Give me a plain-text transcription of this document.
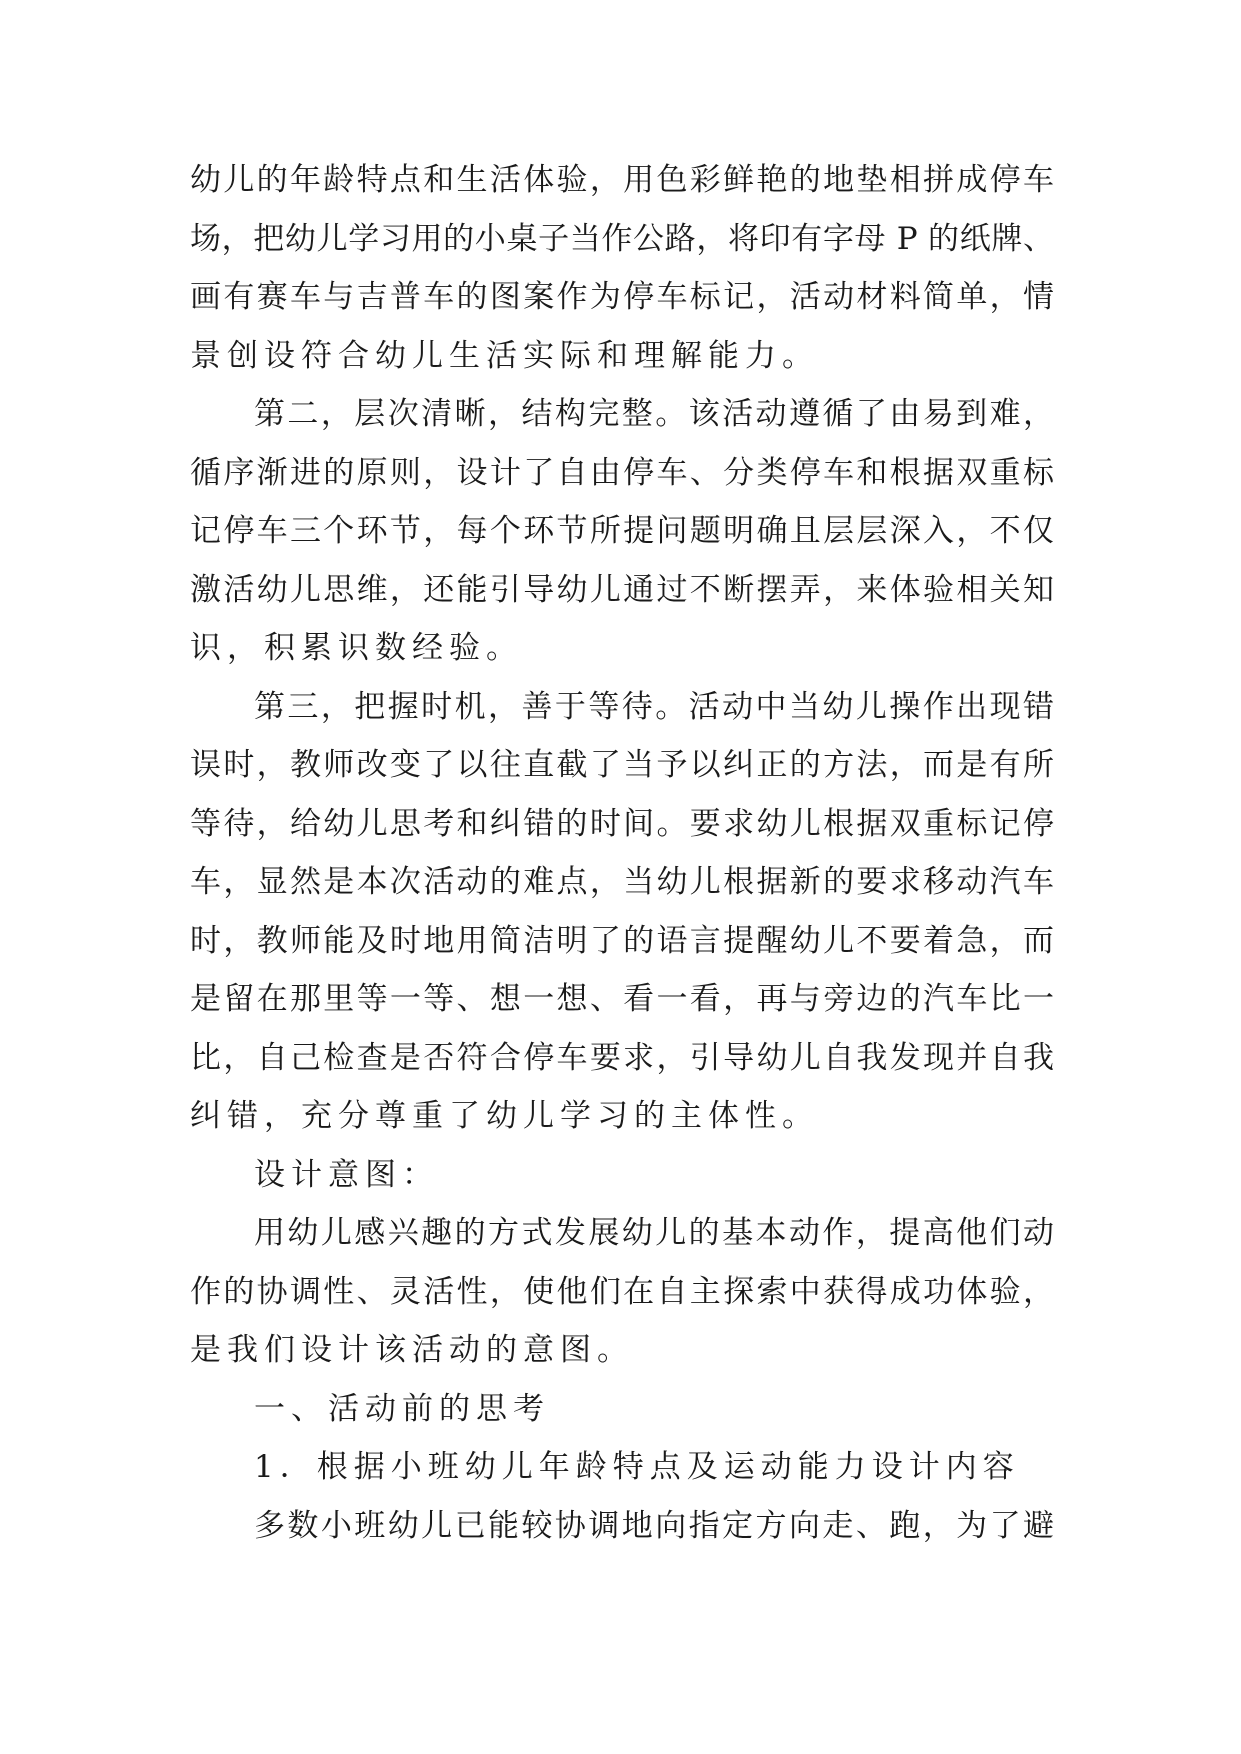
幼儿的年龄特点和生活体验，用色彩鲜艳的地垫相拼成停车
场，把幼儿学习用的小桌子当作公路，将印有字母 P 的纸牌、
画有赛车与吉普车的图案作为停车标记，活动材料简单，情
景创设符合幼儿生活实际和理解能力。
第二，层次清晰，结构完整。该活动遵循了由易到难，
循序渐进的原则，设计了自由停车、分类停车和根据双重标
记停车三个环节，每个环节所提问题明确且层层深入，不仅
激活幼儿思维，还能引导幼儿通过不断摆弄，来体验相关知
识，积累识数经验。
第三，把握时机，善于等待。活动中当幼儿操作出现错
误时，教师改变了以往直截了当予以纠正的方法，而是有所
等待，给幼儿思考和纠错的时间。要求幼儿根据双重标记停
车，显然是本次活动的难点，当幼儿根据新的要求移动汽车
时，教师能及时地用简洁明了的语言提醒幼儿不要着急，而
是留在那里等一等、想一想、看一看，再与旁边的汽车比一
比，自己检查是否符合停车要求，引导幼儿自我发现并自我
纠错，充分尊重了幼儿学习的主体性。
设计意图：
用幼儿感兴趣的方式发展幼儿的基本动作，提高他们动
作的协调性、灵活性，使他们在自主探索中获得成功体验，
是我们设计该活动的意图。
一、活动前的思考
1．根据小班幼儿年龄特点及运动能力设计内容
多数小班幼儿已能较协调地向指定方向走、跑，为了避
